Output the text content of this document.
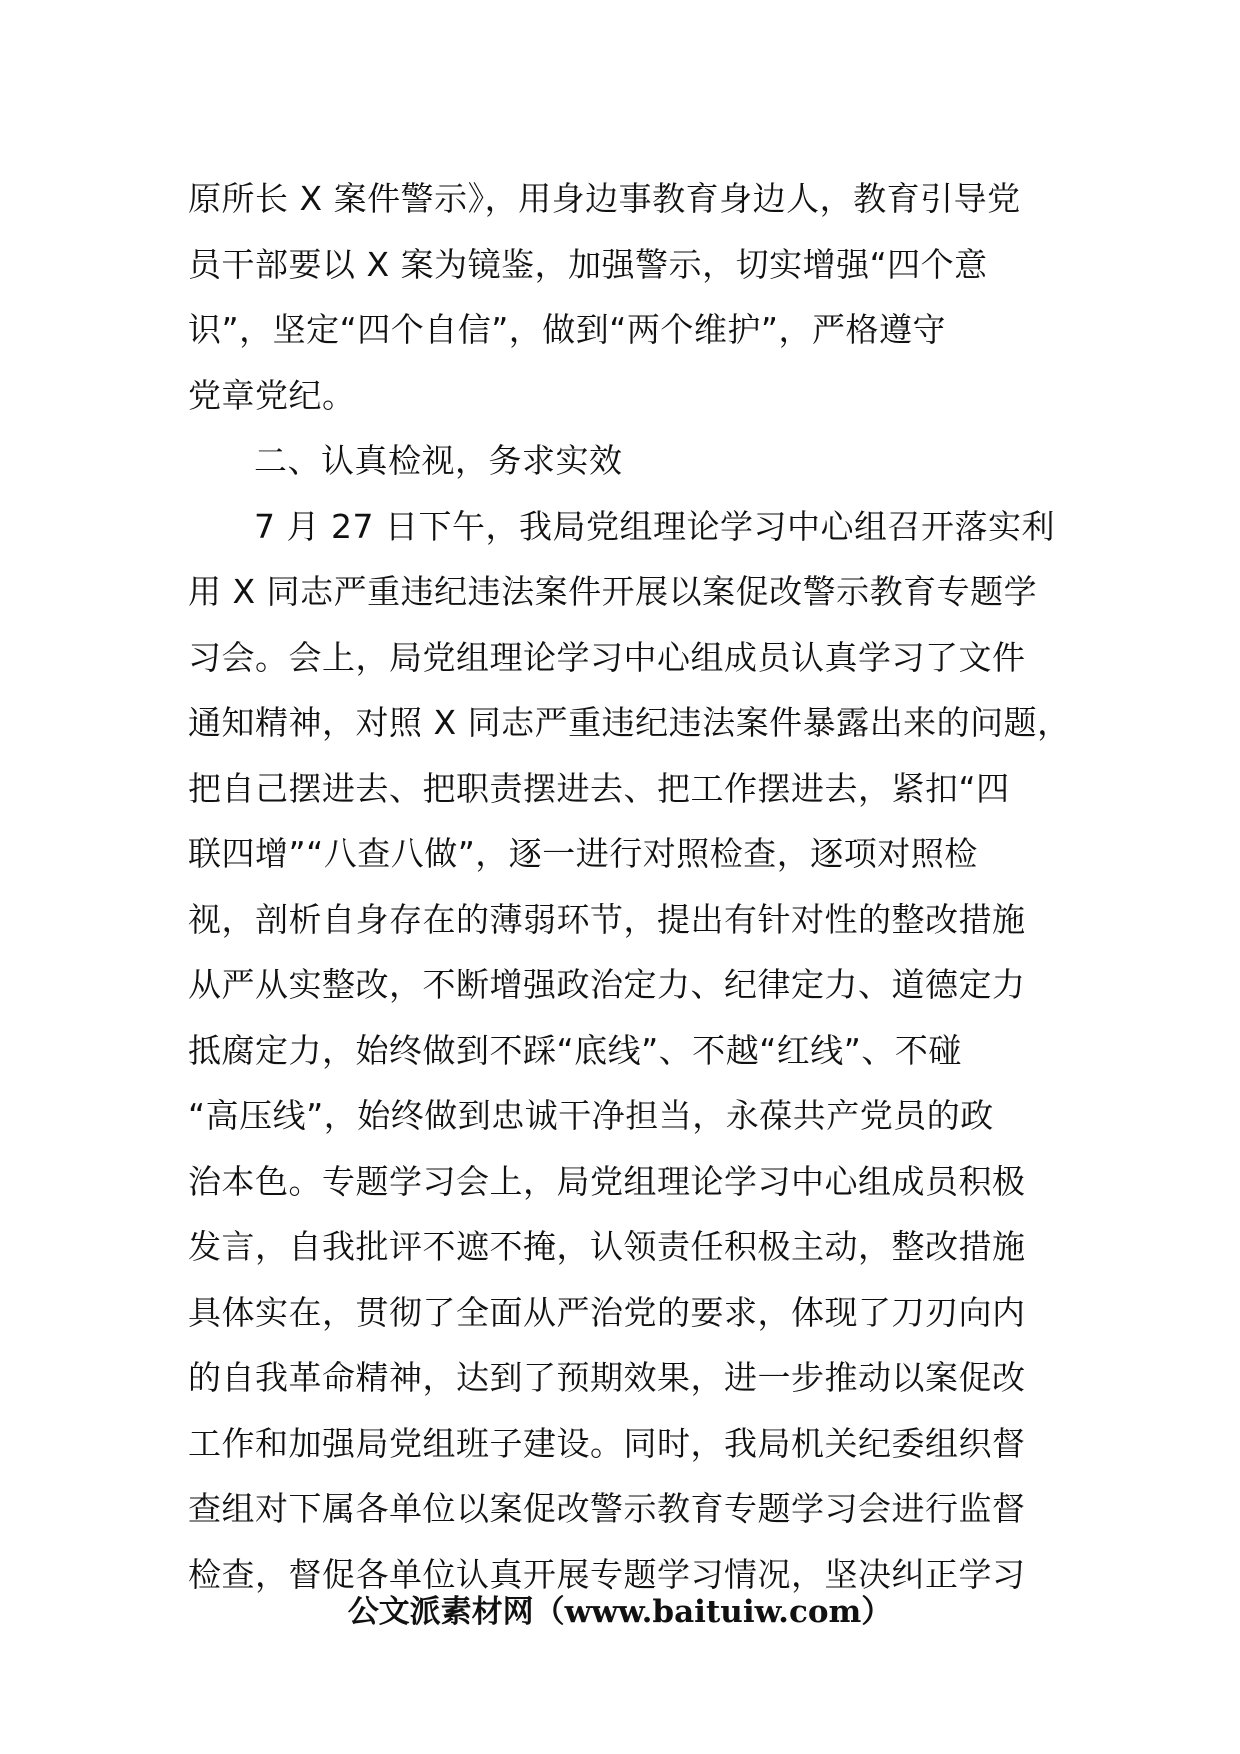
原所长 X 案件警示》，用身边事教育身边人，教育引导党
员干部要以 X 案为镜鉴，加强警示，切实增强“四个意
识”，坚定“四个自信”，做到“两个维护”，严格遵守
党章党纪。
二、认真检视，务求实效
7 月 27 日下午，我局党组理论学习中心组召开落实利
用 X 同志严重违纪违法案件开展以案促改警示教育专题学
习会。会上，局党组理论学习中心组成员认真学习了文件
通知精神，对照 X 同志严重违纪违法案件暴露出来的问题，
把自己摆进去、把职责摆进去、把工作摆进去，紧扣“四
联四增”“八查八做”，逐一进行对照检查，逐项对照检
视，剖析自身存在的薄弱环节，提出有针对性的整改措施
从严从实整改，不断增强政治定力、纪律定力、道德定力
抵腐定力，始终做到不踩“底线”、不越“红线”、不碰
“高压线”，始终做到忠诚干净担当，永葆共产党员的政
治本色。专题学习会上，局党组理论学习中心组成员积极
发言，自我批评不遮不掩，认领责任积极主动，整改措施
具体实在，贯彻了全面从严治党的要求，体现了刀刃向内
的自我革命精神，达到了预期效果，进一步推动以案促改
工作和加强局党组班子建设。同时，我局机关纪委组织督
查组对下属各单位以案促改警示教育专题学习会进行监督
检查，督促各单位认真开展专题学习情况，坚决纠正学习
公文派素材网（www.baituiw.com）
